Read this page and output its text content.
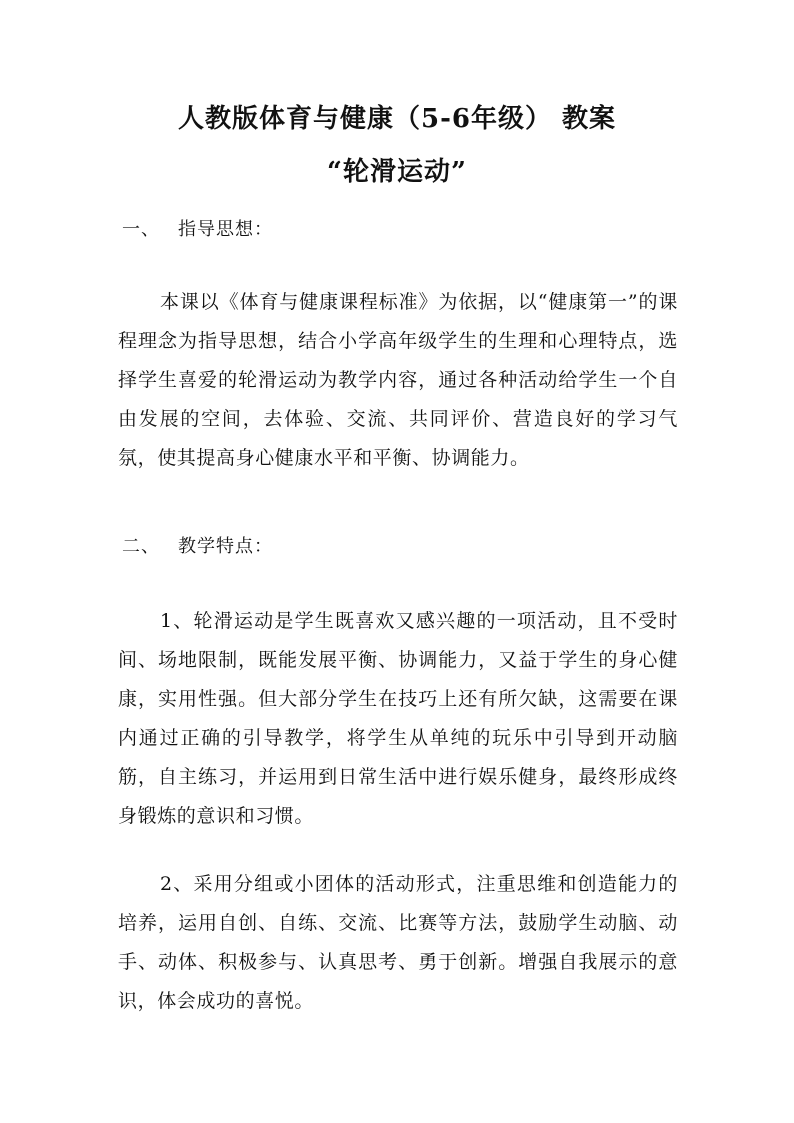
人教版体育与健康（5-6年级） 教案
“轮滑运动”
一、 指导思想：

本课以《体育与健康课程标准》为依据，以“健康第一”的课程理念为指导思想，结合小学高年级学生的生理和心理特点，选择学生喜爱的轮滑运动为教学内容，通过各种活动给学生一个自由发展的空间，去体验、交流、共同评价、营造良好的学习气氛，使其提高身心健康水平和平衡、协调能力。

二、 教学特点：

1、轮滑运动是学生既喜欢又感兴趣的一项活动，且不受时间、场地限制，既能发展平衡、协调能力，又益于学生的身心健康，实用性强。但大部分学生在技巧上还有所欠缺，这需要在课内通过正确的引导教学，将学生从单纯的玩乐中引导到开动脑筋，自主练习，并运用到日常生活中进行娱乐健身，最终形成终身锻炼的意识和习惯。

2、采用分组或小团体的活动形式，注重思维和创造能力的培养，运用自创、自练、交流、比赛等方法，鼓励学生动脑、动手、动体、积极参与、认真思考、勇于创新。增强自我展示的意识，体会成功的喜悦。
